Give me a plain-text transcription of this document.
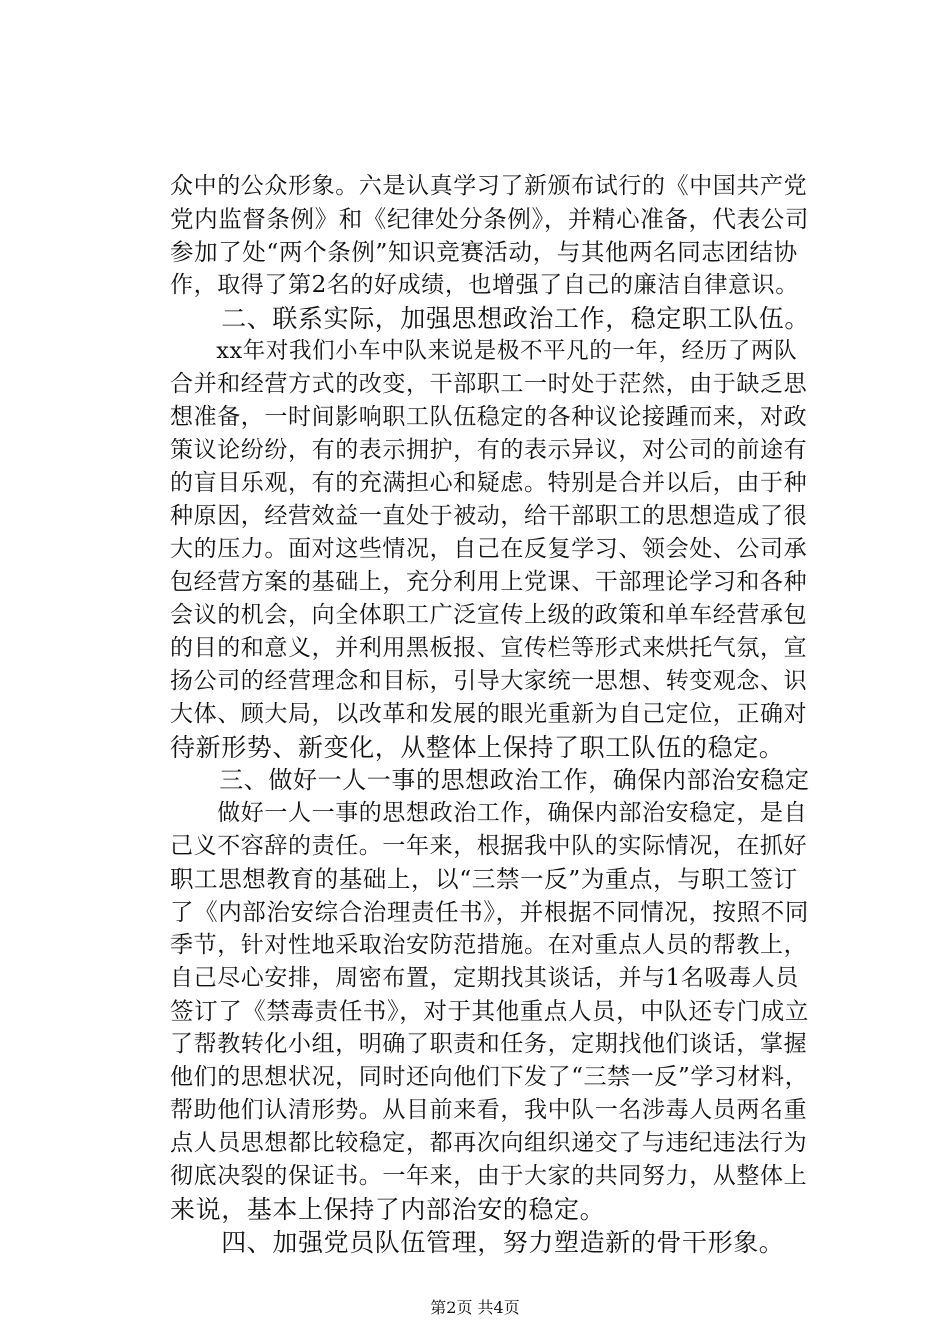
众中的公众形象。六是认真学习了新颁布试行的《中国共产党
党内监督条例》和《纪律处分条例》，并精心准备，代表公司
参加了处“两个条例”知识竞赛活动，与其他两名同志团结协
作，取得了第2名的好成绩，也增强了自己的廉洁自律意识。
　　二、联系实际，加强思想政治工作，稳定职工队伍。
　　xx年对我们小车中队来说是极不平凡的一年，经历了两队
合并和经营方式的改变，干部职工一时处于茫然，由于缺乏思
想准备，一时间影响职工队伍稳定的各种议论接踵而来，对政
策议论纷纷，有的表示拥护，有的表示异议，对公司的前途有
的盲目乐观，有的充满担心和疑虑。特别是合并以后，由于种
种原因，经营效益一直处于被动，给干部职工的思想造成了很
大的压力。面对这些情况，自己在反复学习、领会处、公司承
包经营方案的基础上，充分利用上党课、干部理论学习和各种
会议的机会，向全体职工广泛宣传上级的政策和单车经营承包
的目的和意义，并利用黑板报、宣传栏等形式来烘托气氛，宣
扬公司的经营理念和目标，引导大家统一思想、转变观念、识
大体、顾大局，以改革和发展的眼光重新为自己定位，正确对
待新形势、新变化，从整体上保持了职工队伍的稳定。
　　三、做好一人一事的思想政治工作，确保内部治安稳定
　　做好一人一事的思想政治工作，确保内部治安稳定，是自
己义不容辞的责任。一年来，根据我中队的实际情况，在抓好
职工思想教育的基础上，以“三禁一反”为重点，与职工签订
了《内部治安综合治理责任书》，并根据不同情况，按照不同
季节，针对性地采取治安防范措施。在对重点人员的帮教上，
自己尽心安排，周密布置，定期找其谈话，并与1名吸毒人员
签订了《禁毒责任书》，对于其他重点人员，中队还专门成立
了帮教转化小组，明确了职责和任务，定期找他们谈话，掌握
他们的思想状况，同时还向他们下发了“三禁一反”学习材料，
帮助他们认清形势。从目前来看，我中队一名涉毒人员两名重
点人员思想都比较稳定，都再次向组织递交了与违纪违法行为
彻底决裂的保证书。一年来，由于大家的共同努力，从整体上
来说，基本上保持了内部治安的稳定。
　　四、加强党员队伍管理，努力塑造新的骨干形象。
第2页 共4页
